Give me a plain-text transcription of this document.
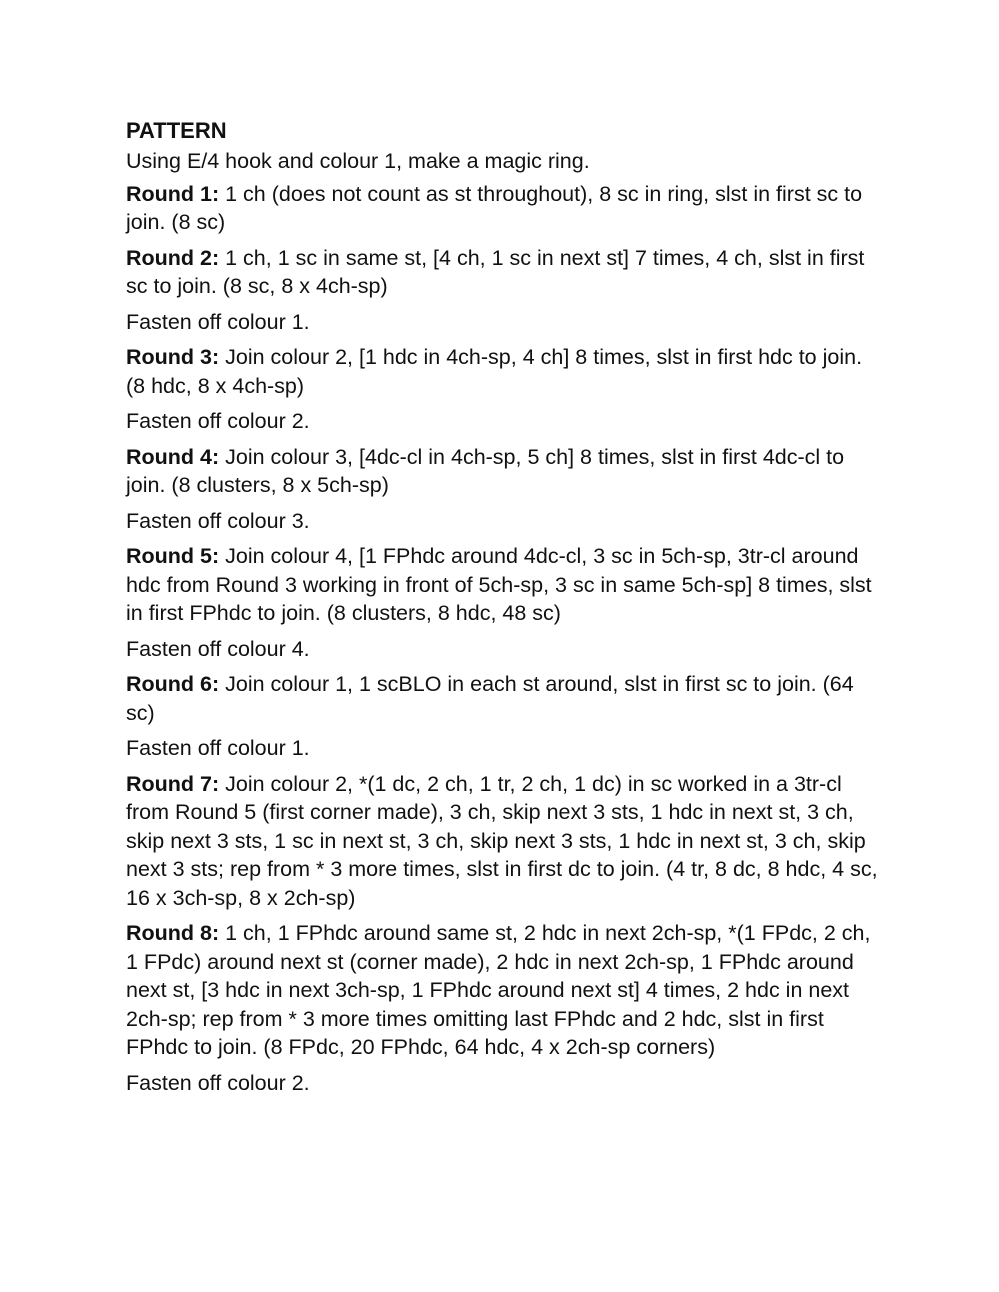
PATTERN

Using E/4 hook and colour 1, make a magic ring.

Round 1: 1 ch (does not count as st throughout), 8 sc in ring, slst in first sc to join. (8 sc)

Round 2: 1 ch, 1 sc in same st, [4 ch, 1 sc in next st] 7 times, 4 ch, slst in first sc to join. (8 sc, 8 x 4ch-sp)

Fasten off colour 1.

Round 3: Join colour 2, [1 hdc in 4ch-sp, 4 ch] 8 times, slst in first hdc to join. (8 hdc, 8 x 4ch-sp)

Fasten off colour 2.

Round 4: Join colour 3, [4dc-cl in 4ch-sp, 5 ch] 8 times, slst in first 4dc-cl to join. (8 clusters, 8 x 5ch-sp)

Fasten off colour 3.

Round 5: Join colour 4, [1 FPhdc around 4dc-cl, 3 sc in 5ch-sp, 3tr-cl around hdc from Round 3 working in front of 5ch-sp, 3 sc in same 5ch-sp] 8 times, slst in first FPhdc to join. (8 clusters, 8 hdc, 48 sc)

Fasten off colour 4.

Round 6: Join colour 1, 1 scBLO in each st around, slst in first sc to join. (64 sc)

Fasten off colour 1.

Round 7: Join colour 2, *(1 dc, 2 ch, 1 tr, 2 ch, 1 dc) in sc worked in a 3tr-cl from Round 5 (first corner made), 3 ch, skip next 3 sts, 1 hdc in next st, 3 ch, skip next 3 sts, 1 sc in next st, 3 ch, skip next 3 sts, 1 hdc in next st, 3 ch, skip next 3 sts; rep from * 3 more times, slst in first dc to join. (4 tr, 8 dc, 8 hdc, 4 sc, 16 x 3ch-sp, 8 x 2ch-sp)

Round 8: 1 ch, 1 FPhdc around same st, 2 hdc in next 2ch-sp, *(1 FPdc, 2 ch, 1 FPdc) around next st (corner made), 2 hdc in next 2ch-sp, 1 FPhdc around next st, [3 hdc in next 3ch-sp, 1 FPhdc around next st] 4 times, 2 hdc in next 2ch-sp; rep from * 3 more times omitting last FPhdc and 2 hdc, slst in first FPhdc to join. (8 FPdc, 20 FPhdc, 64 hdc, 4 x 2ch-sp corners)

Fasten off colour 2.
